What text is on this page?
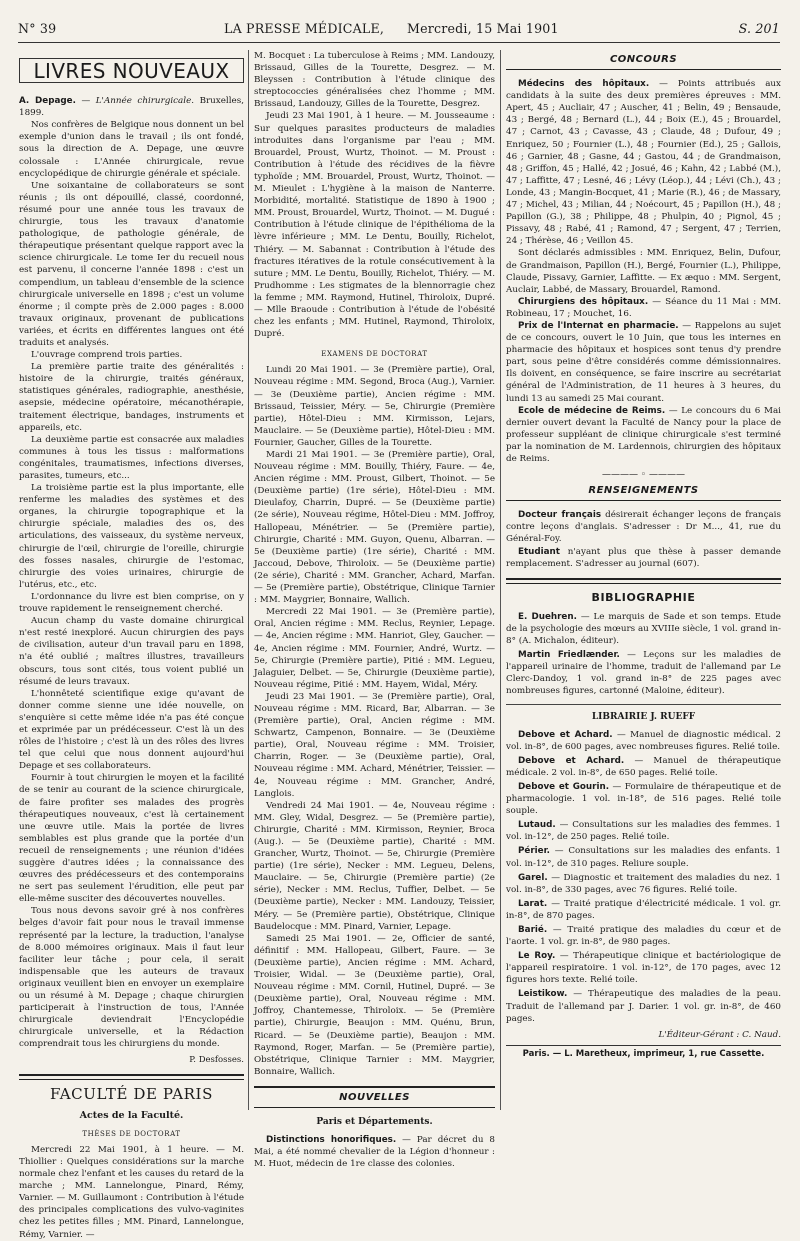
N° 39	LA PRESSE MÉDICALE, Mercredi, 15 Mai 1901	S. 201
LIVRES NOUVEAUX

A. Depage. — L'Année chirurgicale. Bruxelles, 1899.

Nos confrères de Belgique nous donnent un bel exemple d'union dans le travail ; ils ont fondé, sous la direction de A. Depage, une œuvre colossale : L'Année chirurgicale, revue encyclopédique de chirurgie générale et spéciale.

Une soixantaine de collaborateurs se sont réunis ; ils ont dépouillé, classé, coordonné, résumé pour une année tous les travaux de chirurgie, tous les travaux d'anatomie pathologique, de pathologie générale, de thérapeutique présentant quelque rapport avec la science chirurgicale. Le tome Ier du recueil nous est parvenu, il concerne l'année 1898 : c'est un compendium, un tableau d'ensemble de la science chirurgicale universelle en 1898 ; c'est un volume énorme ; il compte près de 2.000 pages : 8.000 travaux originaux, provenant de publications variées, et écrits en différentes langues ont été traduits et analysés.

L'ouvrage comprend trois parties.

La première partie traite des généralités : histoire de la chirurgie, traités généraux, statistiques générales, radiographie, anesthésie, asepsie, médecine opératoire, mécanothérapie, traitement électrique, bandages, instruments et appareils, etc.

La deuxième partie est consacrée aux maladies communes à tous les tissus : malformations congénitales, traumatismes, infections diverses, parasites, tumeurs, etc...

La troisième partie est la plus importante, elle renferme les maladies des systèmes et des organes, la chirurgie topographique et la chirurgie spéciale, maladies des os, des articulations, des vaisseaux, du système nerveux, chirurgie de l'œil, chirurgie de l'oreille, chirurgie des fosses nasales, chirurgie de l'estomac, chirurgie des voies urinaires, chirurgie de l'utérus, etc., etc.

L'ordonnance du livre est bien comprise, on y trouve rapidement le renseignement cherché.

Aucun champ du vaste domaine chirurgical n'est resté inexploré. Aucun chirurgien des pays de civilisation, auteur d'un travail paru en 1898, n'a été oublié ; maîtres illustres, travailleurs obscurs, tous sont cités, tous voient publié un résumé de leurs travaux.

L'honnêteté scientifique exige qu'avant de donner comme sienne une idée nouvelle, on s'enquière si cette même idée n'a pas été conçue et exprimée par un prédécesseur. C'est là un des rôles de l'histoire ; c'est là un des rôles des livres tel que celui que nous donnent aujourd'hui Depage et ses collaborateurs.

Fournir à tout chirurgien le moyen et la facilité de se tenir au courant de la science chirurgicale, de faire profiter ses malades des progrès thérapeutiques nouveaux, c'est là certainement une œuvre utile. Mais la portée de livres semblables est plus grande que la portée d'un recueil de renseignements ; une réunion d'idées suggère d'autres idées ; la connaissance des œuvres des prédécesseurs et des contemporains ne sert pas seulement l'érudition, elle peut par elle-même susciter des découvertes nouvelles.

Tous nous devons savoir gré à nos confrères belges d'avoir fait pour nous le travail immense représenté par la lecture, la traduction, l'analyse de 8.000 mémoires originaux. Mais il faut leur faciliter leur tâche ; pour cela, il serait indispensable que les auteurs de travaux originaux veuillent bien en envoyer un exemplaire ou un résumé à M. Depage ; chaque chirurgien participerait à l'instruction de tous, l'Année chirurgicale deviendrait l'Encyclopédie chirurgicale universelle, et la Rédaction comprendrait tous les chirurgiens du monde.

P. Desfosses.
FACULTÉ DE PARIS
Actes de la Faculté.
THÈSES DE DOCTORAT

Mercredi 22 Mai 1901, à 1 heure. — M. Thiollier : Quelques considérations sur la marche normale chez l'enfant et les causes du retard de la marche ; MM. Lannelongue, Pinard, Rémy, Varnier. — M. Guillaumont : Contribution à l'étude des principales complications des vulvo-vaginites chez les petites filles ; MM. Pinard, Lannelongue, Rémy, Varnier. —

M. Bocquet : La tuberculose à Reims ; MM. Landouzy, Brissaud, Gilles de la Tourette, Desgrez. — M. Bleyssen : Contribution à l'étude clinique des streptococcies généralisées chez l'homme ; MM. Brissaud, Landouzy, Gilles de la Tourette, Desgrez.

Jeudi 23 Mai 1901, à 1 heure. — M. Jousseaume : Sur quelques parasites producteurs de maladies introduites dans l'organisme par l'eau ; MM. Brouardel, Proust, Wurtz, Thoinot. — M. Proust : Contribution à l'étude des récidives de la fièvre typhoïde ; MM. Brouardel, Proust, Wurtz, Thoinot. — M. Mieulet : L'hygiène à la maison de Nanterre. Morbidité, mortalité. Statistique de 1890 à 1900 ; MM. Proust, Brouardel, Wurtz, Thoinot. — M. Dugué : Contribution à l'étude clinique de l'épithélioma de la lèvre inférieure ; MM. Le Dentu, Bouilly, Richelot, Thiéry. — M. Sabannat : Contribution à l'étude des fractures itératives de la rotule consécutivement à la suture ; MM. Le Dentu, Bouilly, Richelot, Thiéry. — M. Prudhomme : Les stigmates de la blennorragie chez la femme ; MM. Raymond, Hutinel, Thiroloix, Dupré. — Mlle Braoude : Contribution à l'étude de l'obésité chez les enfants ; MM. Hutinel, Raymond, Thiroloix, Dupré.

EXAMENS DE DOCTORAT

Lundi 20 Mai 1901. — 3e (Première partie), Oral, Nouveau régime : MM. Segond, Broca (Aug.), Varnier. — 3e (Deuxième partie), Ancien régime : MM. Brissaud, Teissier, Méry. — 5e, Chirurgie (Première partie), Hôtel-Dieu : MM. Kirmisson, Lejars, Mauclaire. — 5e (Deuxième partie), Hôtel-Dieu : MM. Fournier, Gaucher, Gilles de la Tourette.

Mardi 21 Mai 1901. — 3e (Première partie), Oral, Nouveau régime : MM. Bouilly, Thiéry, Faure. — 4e, Ancien régime : MM. Proust, Gilbert, Thoinot. — 5e (Deuxième partie) (1re série), Hôtel-Dieu : MM. Dieulafoy, Charrin, Dupré. — 5e (Deuxième partie) (2e série), Nouveau régime, Hôtel-Dieu : MM. Joffroy, Hallopeau, Ménétrier. — 5e (Première partie), Chirurgie, Charité : MM. Guyon, Quenu, Albarran. — 5e (Deuxième partie) (1re série), Charité : MM. Jaccoud, Debove, Thiroloix. — 5e (Deuxième partie) (2e série), Charité : MM. Grancher, Achard, Marfan. — 5e (Première partie), Obstétrique, Clinique Tarnier : MM. Maygrier, Bonnaire, Wallich.

Mercredi 22 Mai 1901. — 3e (Première partie), Oral, Ancien régime : MM. Reclus, Reynier, Lepage. — 4e, Ancien régime : MM. Hanriot, Gley, Gaucher. — 4e, Ancien régime : MM. Fournier, André, Wurtz. — 5e, Chirurgie (Première partie), Pitié : MM. Legueu, Jalaguier, Delbet. — 5e, Chirurgie (Deuxième partie), Nouveau régime, Pitié : MM. Hayem, Widal, Méry.

Jeudi 23 Mai 1901. — 3e (Première partie), Oral, Nouveau régime : MM. Ricard, Bar, Albarran. — 3e (Première partie), Oral, Ancien régime : MM. Schwartz, Campenon, Bonnaire. — 3e (Deuxième partie), Oral, Nouveau régime : MM. Troisier, Charrin, Roger. — 3e (Deuxième partie), Oral, Nouveau régime : MM. Achard, Ménétrier, Teissier. — 4e, Nouveau régime : MM. Grancher, André, Langlois.

Vendredi 24 Mai 1901. — 4e, Nouveau régime : MM. Gley, Widal, Desgrez. — 5e (Première partie), Chirurgie, Charité : MM. Kirmisson, Reynier, Broca (Aug.). — 5e (Deuxième partie), Charité : MM. Grancher, Wurtz, Thoinot. — 5e, Chirurgie (Première partie) (1re série), Necker : MM. Legueu, Delens, Mauclaire. — 5e, Chirurgie (Première partie) (2e série), Necker : MM. Reclus, Tuffier, Delbet. — 5e (Deuxième partie), Necker : MM. Landouzy, Teissier, Méry. — 5e (Première partie), Obstétrique, Clinique Baudelocque : MM. Pinard, Varnier, Lepage.

Samedi 25 Mai 1901. — 2e, Officier de santé, définitif : MM. Hallopeau, Gilbert, Faure. — 3e (Deuxième partie), Ancien régime : MM. Achard, Troisier, Widal. — 3e (Deuxième partie), Oral, Nouveau régime : MM. Cornil, Hutinel, Dupré. — 3e (Deuxième partie), Oral, Nouveau régime : MM. Joffroy, Chantemesse, Thiroloix. — 5e (Première partie), Chirurgie, Beaujon : MM. Quénu, Brun, Ricard. — 5e (Deuxième partie), Beaujon : MM. Raymond, Roger, Marfan. — 5e (Première partie), Obstétrique, Clinique Tarnier : MM. Maygrier, Bonnaire, Wallich.

NOUVELLES
Paris et Départements.

Distinctions honorifiques. — Par décret du 8 Mai, a été nommé chevalier de la Légion d'honneur : M. Huot, médecin de 1re classe des colonies.

CONCOURS

Médecins des hôpitaux. — Points attribués aux candidats à la suite des deux premières épreuves : MM. Apert, 45 ; Aucliair, 47 ; Auscher, 41 ; Belin, 49 ; Bensaude, 43 ; Bergé, 48 ; Bernard (L.), 44 ; Boix (E.), 45 ; Brouardel, 47 ; Carnot, 43 ; Cavasse, 43 ; Claude, 48 ; Dufour, 49 ; Enriquez, 50 ; Fournier (L.), 48 ; Fournier (Ed.), 25 ; Gallois, 46 ; Garnier, 48 ; Gasne, 44 ; Gastou, 44 ; de Grandmaison, 48 ; Griffon, 45 ; Hallé, 42 ; Josué, 46 ; Kahn, 42 ; Labbé (M.), 47 ; Laffitte, 47 ; Lesné, 46 ; Lévy (Léop.), 44 ; Lévi (Ch.), 43 ; Londe, 43 ; Mangin-Bocquet, 41 ; Marie (R.), 46 ; de Massary, 47 ; Michel, 43 ; Milian, 44 ; Noécourt, 45 ; Papillon (H.), 48 ; Papillon (G.), 38 ; Philippe, 48 ; Phulpin, 40 ; Pignol, 45 ; Pissavy, 48 ; Rabé, 41 ; Ramond, 47 ; Sergent, 47 ; Terrien, 24 ; Thérèse, 46 ; Veillon 45.

Sont déclarés admissibles : MM. Enriquez, Belin, Dufour, de Grandmaison, Papillon (H.), Bergé, Fournier (L.), Philippe, Claude, Pissavy, Garnier, Laffitte. — Ex æquo : MM. Sergent, Auclair, Labbé, de Massary, Brouardel, Ramond.

Chirurgiens des hôpitaux. — Séance du 11 Mai : MM. Robineau, 17 ; Mouchet, 16.

Prix de l'Internat en pharmacie. — Rappelons au sujet de ce concours, ouvert le 10 Juin, que tous les internes en pharmacie des hôpitaux et hospices sont tenus d'y prendre part, sous peine d'être considérés comme démissionnaires. Ils doivent, en conséquence, se faire inscrire au secrétariat général de l'Administration, de 11 heures à 3 heures, du lundi 13 au samedi 25 Mai courant.

Ecole de médecine de Reims. — Le concours du 6 Mai dernier ouvert devant la Faculté de Nancy pour la place de professeur suppléant de clinique chirurgicale s'est terminé par la nomination de M. Lardennois, chirurgien des hôpitaux de Reims.

———— ◦ ————
RENSEIGNEMENTS

Docteur français désirerait échanger leçons de français contre leçons d'anglais. S'adresser : Dr M..., 41, rue du Général-Foy.

Etudiant n'ayant plus que thèse à passer demande remplacement. S'adresser au journal (607).

BIBLIOGRAPHIE

E. Duehren. — Le marquis de Sade et son temps. Etude de la psychologie des mœurs au XVIIIe siècle, 1 vol. grand in-8° (A. Michalon, éditeur).

Martin Friedlænder. — Leçons sur les maladies de l'appareil urinaire de l'homme, traduit de l'allemand par Le Clerc-Dandoy, 1 vol. grand in-8° de 225 pages avec nombreuses figures, cartonné (Maloine, éditeur).

LIBRAIRIE J. RUEFF

Debove et Achard. — Manuel de diagnostic médical. 2 vol. in-8°, de 600 pages, avec nombreuses figures. Relié toile.

Debove et Achard. — Manuel de thérapeutique médicale. 2 vol. in-8°, de 650 pages. Relié toile.

Debove et Gourin. — Formulaire de thérapeutique et de pharmacologie. 1 vol. in-18°, de 516 pages. Relié toile souple.

Lutaud. — Consultations sur les maladies des femmes. 1 vol. in-12°, de 250 pages. Relié toile.

Périer. — Consultations sur les maladies des enfants. 1 vol. in-12°, de 310 pages. Reliure souple.

Garel. — Diagnostic et traitement des maladies du nez. 1 vol. in-8°, de 330 pages, avec 76 figures. Relié toile.

Larat. — Traité pratique d'électricité médicale. 1 vol. gr. in-8°, de 870 pages.

Barié. — Traité pratique des maladies du cœur et de l'aorte. 1 vol. gr. in-8°, de 980 pages.

Le Roy. — Thérapeutique clinique et bactériologique de l'appareil respiratoire. 1 vol. in-12°, de 170 pages, avec 12 figures hors texte. Relié toile.

Leistikow. — Thérapeutique des maladies de la peau. Traduit de l'allemand par J. Darier. 1 vol. gr. in-8°, de 460 pages.

L'Éditeur-Gérant : C. Naud.
Paris. — L. Maretheux, imprimeur, 1, rue Cassette.
